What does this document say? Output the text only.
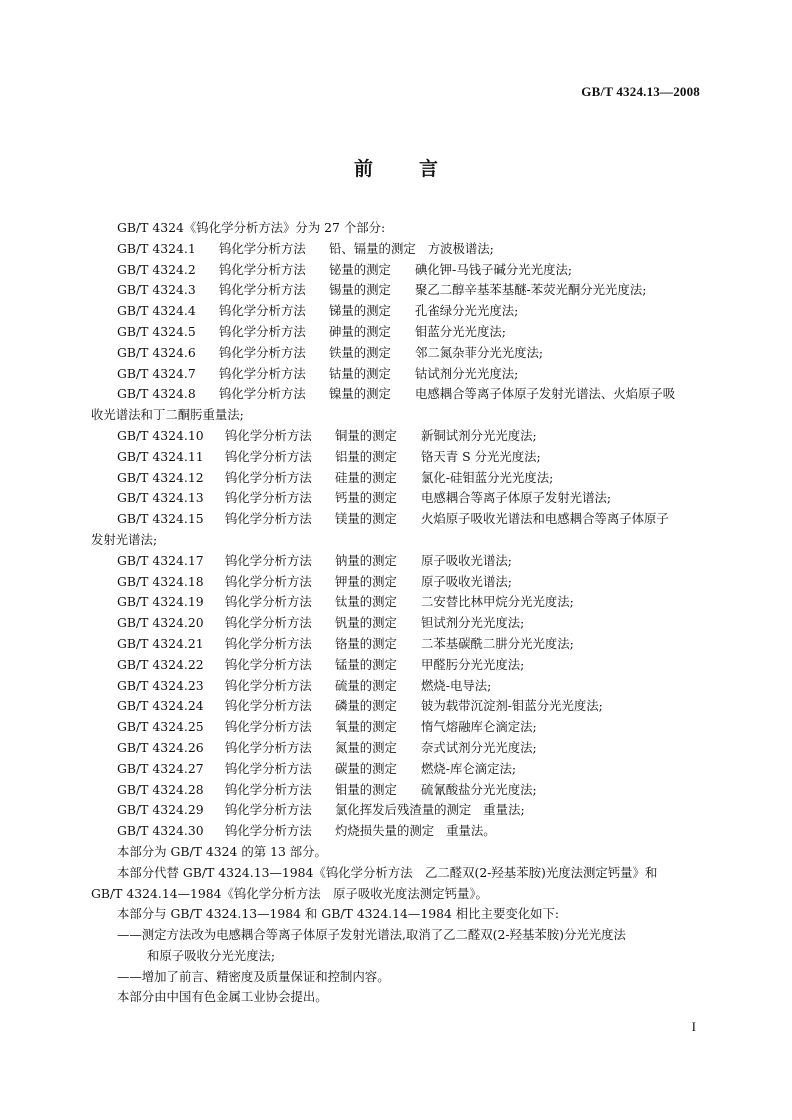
GB/T 4324.13—2008
前 言
GB/T 4324《钨化学分析方法》分为 27 个部分:
GB/T 4324.1 钨化学分析方法 铅、镉量的测定 方波极谱法;
GB/T 4324.2 钨化学分析方法 铋量的测定 碘化钾-马钱子碱分光光度法;
GB/T 4324.3 钨化学分析方法 锡量的测定 聚乙二醇辛基苯基醚-苯荧光酮分光光度法;
GB/T 4324.4 钨化学分析方法 锑量的测定 孔雀绿分光光度法;
GB/T 4324.5 钨化学分析方法 砷量的测定 钼蓝分光光度法;
GB/T 4324.6 钨化学分析方法 铁量的测定 邻二氮杂菲分光光度法;
GB/T 4324.7 钨化学分析方法 钴量的测定 钴试剂分光光度法;
GB/T 4324.8 钨化学分析方法 镍量的测定 电感耦合等离子体原子发射光谱法、火焰原子吸
收光谱法和丁二酮肟重量法;
GB/T 4324.10 钨化学分析方法 铜量的测定 新铜试剂分光光度法;
GB/T 4324.11 钨化学分析方法 铝量的测定 铬天青 S 分光光度法;
GB/T 4324.12 钨化学分析方法 硅量的测定 氯化-硅钼蓝分光光度法;
GB/T 4324.13 钨化学分析方法 钙量的测定 电感耦合等离子体原子发射光谱法;
GB/T 4324.15 钨化学分析方法 镁量的测定 火焰原子吸收光谱法和电感耦合等离子体原子
发射光谱法;
GB/T 4324.17 钨化学分析方法 钠量的测定 原子吸收光谱法;
GB/T 4324.18 钨化学分析方法 钾量的测定 原子吸收光谱法;
GB/T 4324.19 钨化学分析方法 钛量的测定 二安替比林甲烷分光光度法;
GB/T 4324.20 钨化学分析方法 钒量的测定 钽试剂分光光度法;
GB/T 4324.21 钨化学分析方法 铬量的测定 二苯基碳酰二肼分光光度法;
GB/T 4324.22 钨化学分析方法 锰量的测定 甲醛肟分光光度法;
GB/T 4324.23 钨化学分析方法 硫量的测定 燃烧-电导法;
GB/T 4324.24 钨化学分析方法 磷量的测定 铍为载带沉淀剂-钼蓝分光光度法;
GB/T 4324.25 钨化学分析方法 氧量的测定 惰气熔融库仑滴定法;
GB/T 4324.26 钨化学分析方法 氮量的测定 奈式试剂分光光度法;
GB/T 4324.27 钨化学分析方法 碳量的测定 燃烧-库仑滴定法;
GB/T 4324.28 钨化学分析方法 钼量的测定 硫氰酸盐分光光度法;
GB/T 4324.29 钨化学分析方法 氯化挥发后残渣量的测定 重量法;
GB/T 4324.30 钨化学分析方法 灼烧损失量的测定 重量法。
本部分为 GB/T 4324 的第 13 部分。
本部分代替 GB/T 4324.13—1984《钨化学分析方法　乙二醛双(2-羟基苯胺)光度法测定钙量》和
GB/T 4324.14—1984《钨化学分析方法　原子吸收光度法测定钙量》。
本部分与 GB/T 4324.13—1984 和 GB/T 4324.14—1984 相比主要变化如下:
——测定方法改为电感耦合等离子体原子发射光谱法,取消了乙二醛双(2-羟基苯胺)分光光度法
和原子吸收分光光度法;
——增加了前言、精密度及质量保证和控制内容。
本部分由中国有色金属工业协会提出。
I
